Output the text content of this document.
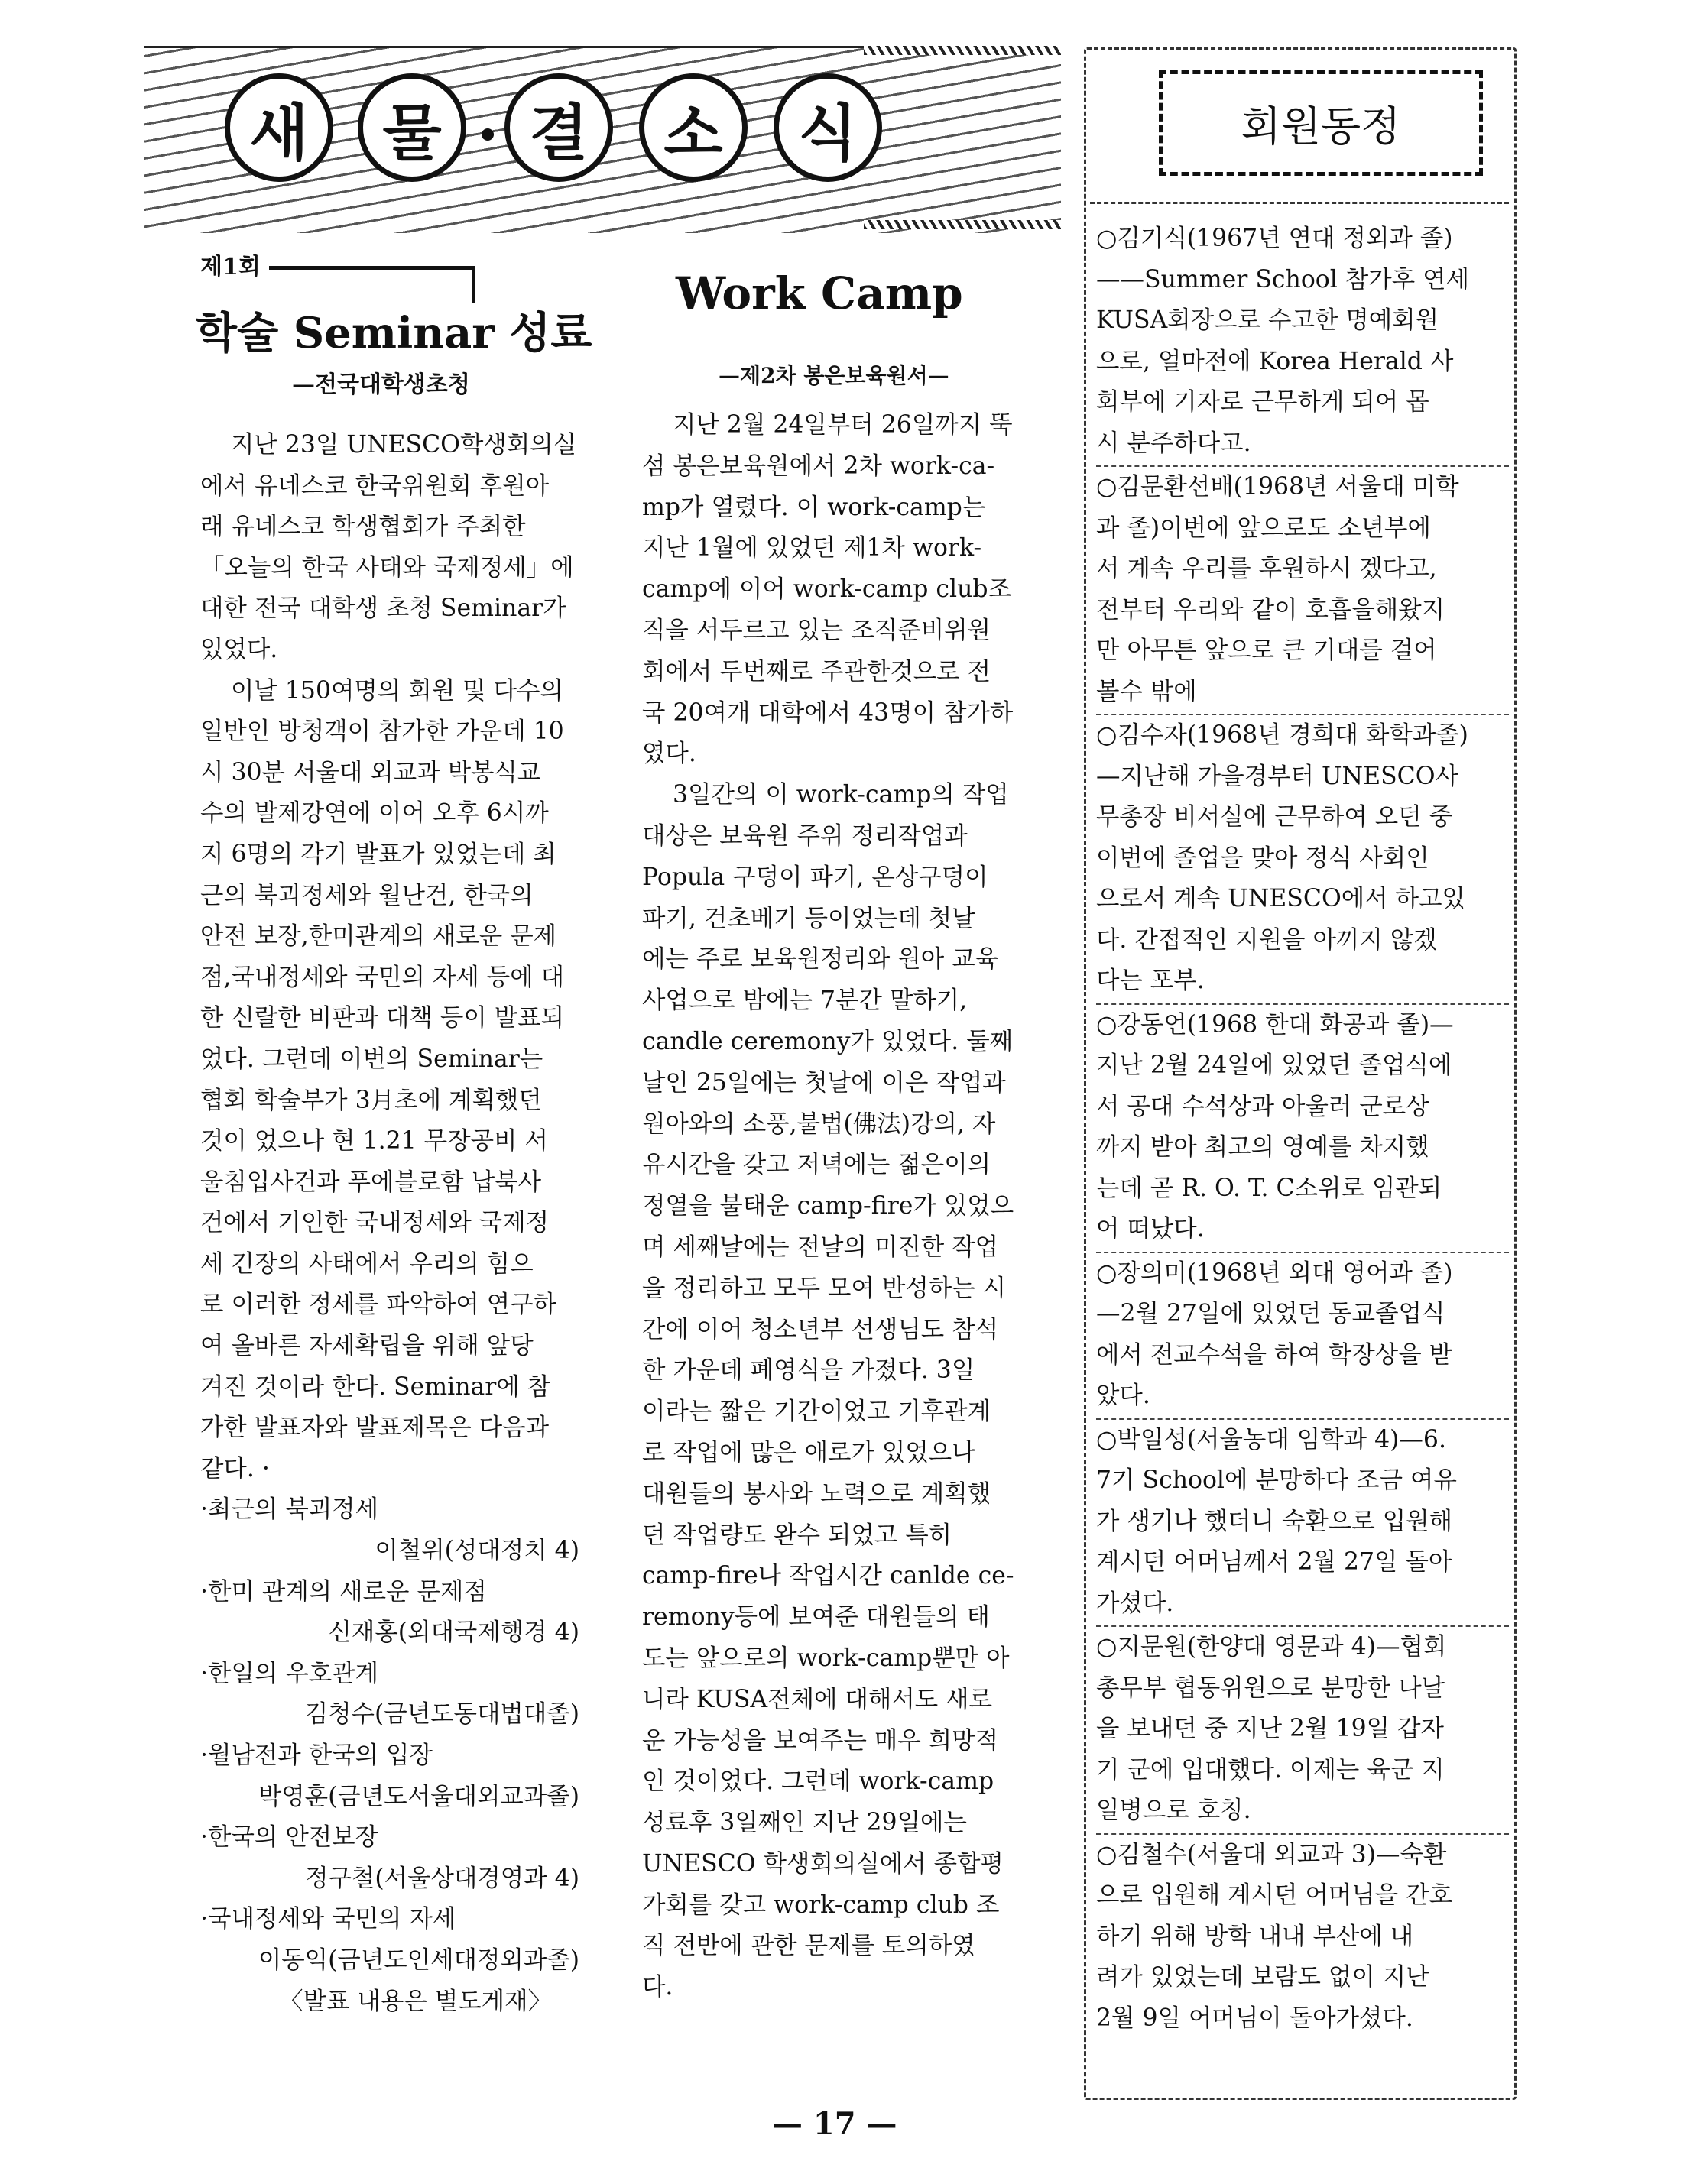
새	물	결	소	식
제1회
학술 Seminar 성료
—전국대학생초청

지난 23일 UNESCO학생회의실

에서 유네스코 한국위원회 후원아

래 유네스코 학생협회가 주최한

「오늘의 한국 사태와 국제정세」에

대한 전국 대학생 초청 Seminar가

있었다.

이날 150여명의 회원 및 다수의

일반인 방청객이 참가한 가운데 10

시 30분 서울대 외교과 박봉식교

수의 발제강연에 이어 오후 6시까

지 6명의 각기 발표가 있었는데 최

근의 북괴정세와 월난건, 한국의

안전 보장,한미관계의 새로운 문제

점,국내정세와 국민의 자세 등에 대

한 신랄한 비판과 대책 등이 발표되

었다. 그런데 이번의 Seminar는

협회 학술부가 3月초에 계획했던

것이 었으나 현 1.21 무장공비 서

울침입사건과 푸에블로함 납북사

건에서 기인한 국내정세와 국제정

세 긴장의 사태에서 우리의 힘으

로 이러한 정세를 파악하여 연구하

여 올바른 자세확립을 위해 앞당

겨진 것이라 한다. Seminar에 참

가한 발표자와 발표제목은 다음과

같다. ·

·최근의 북괴정세

이철위(성대정치 4)

·한미 관계의 새로운 문제점

신재홍(외대국제행경 4)

·한일의 우호관계

김청수(금년도동대법대졸)

·월남전과 한국의 입장

박영훈(금년도서울대외교과졸)

·한국의 안전보장

정구철(서울상대경영과 4)

·국내정세와 국민의 자세

이동익(금년도인세대정외과졸)

〈발표 내용은 별도게재〉

Work Camp
—제2차 봉은보육원서—

지난 2월 24일부터 26일까지 뚝

섬 봉은보육원에서 2차 work-ca-

mp가 열렸다. 이 work-camp는

지난 1월에 있었던 제1차 work-

camp에 이어 work-camp club조

직을 서두르고 있는 조직준비위원

회에서 두번째로 주관한것으로 전

국 20여개 대학에서 43명이 참가하

였다.

3일간의 이 work-camp의 작업

대상은 보육원 주위 정리작업과

Popula 구덩이 파기, 온상구덩이

파기, 건초베기 등이었는데 첫날

에는 주로 보육원정리와 원아 교육

사업으로 밤에는 7분간 말하기,

candle ceremony가 있었다. 둘째

날인 25일에는 첫날에 이은 작업과

원아와의 소풍,불법(佛法)강의, 자

유시간을 갖고 저녁에는 젊은이의

정열을 불태운 camp-fire가 있었으

며 세째날에는 전날의 미진한 작업

을 정리하고 모두 모여 반성하는 시

간에 이어 청소년부 선생님도 참석

한 가운데 폐영식을 가졌다. 3일

이라는 짧은 기간이었고 기후관계

로 작업에 많은 애로가 있었으나

대원들의 봉사와 노력으로 계획했

던 작업량도 완수 되었고 특히

camp-fire나 작업시간 canlde ce-

remony등에 보여준 대원들의 태

도는 앞으로의 work-camp뿐만 아

니라 KUSA전체에 대해서도 새로

운 가능성을 보여주는 매우 희망적

인 것이었다. 그런데 work-camp

성료후 3일째인 지난 29일에는

UNESCO 학생회의실에서 종합평

가회를 갖고 work-camp club 조

직 전반에 관한 문제를 토의하였

다.

회원동정

○김기식(1967년 연대 정외과 졸)

——Summer School 참가후 연세

KUSA회장으로 수고한 명예회원

으로, 얼마전에 Korea Herald 사

회부에 기자로 근무하게 되어 몹

시 분주하다고.

○김문환선배(1968년 서울대 미학

과 졸)이번에 앞으로도 소년부에

서 계속 우리를 후원하시 겠다고,

전부터 우리와 같이 호흡을해왔지

만 아무튼 앞으로 큰 기대를 걸어

볼수 밖에

○김수자(1968년 경희대 화학과졸)

—지난해 가을경부터 UNESCO사

무총장 비서실에 근무하여 오던 중

이번에 졸업을 맞아 정식 사회인

으로서 계속 UNESCO에서 하고있

다. 간접적인 지원을 아끼지 않겠

다는 포부.

○강동언(1968 한대 화공과 졸)—

지난 2월 24일에 있었던 졸업식에

서 공대 수석상과 아울러 군로상

까지 받아 최고의 영예를 차지했

는데 곧 R. O. T. C소위로 임관되

어 떠났다.

○장의미(1968년 외대 영어과 졸)

—2월 27일에 있었던 동교졸업식

에서 전교수석을 하여 학장상을 받

았다.

○박일성(서울농대 임학과 4)—6.

7기 School에 분망하다 조금 여유

가 생기나 했더니 숙환으로 입원해

계시던 어머님께서 2월 27일 돌아

가셨다.

○지문원(한양대 영문과 4)—협회

총무부 협동위원으로 분망한 나날

을 보내던 중 지난 2월 19일 갑자

기 군에 입대했다. 이제는 육군 지

일병으로 호칭.

○김철수(서울대 외교과 3)—숙환

으로 입원해 계시던 어머님을 간호

하기 위해 방학 내내 부산에 내

려가 있었는데 보람도 없이 지난

2월 9일 어머님이 돌아가셨다.

— 17 —
